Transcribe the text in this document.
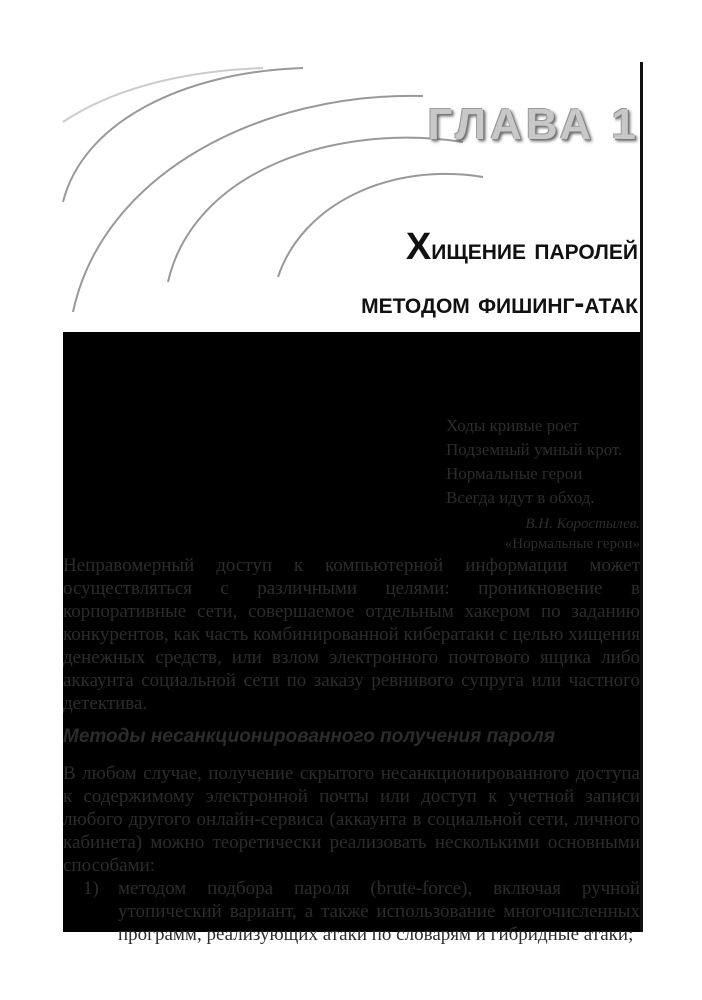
ГЛАВА 1
Хищение паролей
методом фишинг-атак
Ходы кривые роет
Подземный умный крот.
Нормальные герои
Всегда идут в обход.
В.Н. Коростылев.
«Нормальные герои»
Неправомерный доступ к компьютерной информации может осуществляться с различными целями: проникновение в корпоративные сети, совершаемое отдельным хакером по заданию конкурентов, как часть комбинированной кибератаки с целью хищения денежных средств, или взлом электронного почтового ящика либо аккаунта социальной сети по заказу ревнивого супруга или частного детектива.
Методы несанкционированного получения пароля
В любом случае, получение скрытого несанкционированного доступа к содержимому электронной почты или доступ к учетной записи любого другого онлайн-сервиса (аккаунта в социальной сети, личного кабинета) можно теоретически реализовать несколькими основными способами:
1) методом подбора пароля (brute-force), включая ручной утопический вариант, а также использование многочисленных программ, реализующих атаки по словарям и гибридные атаки;
